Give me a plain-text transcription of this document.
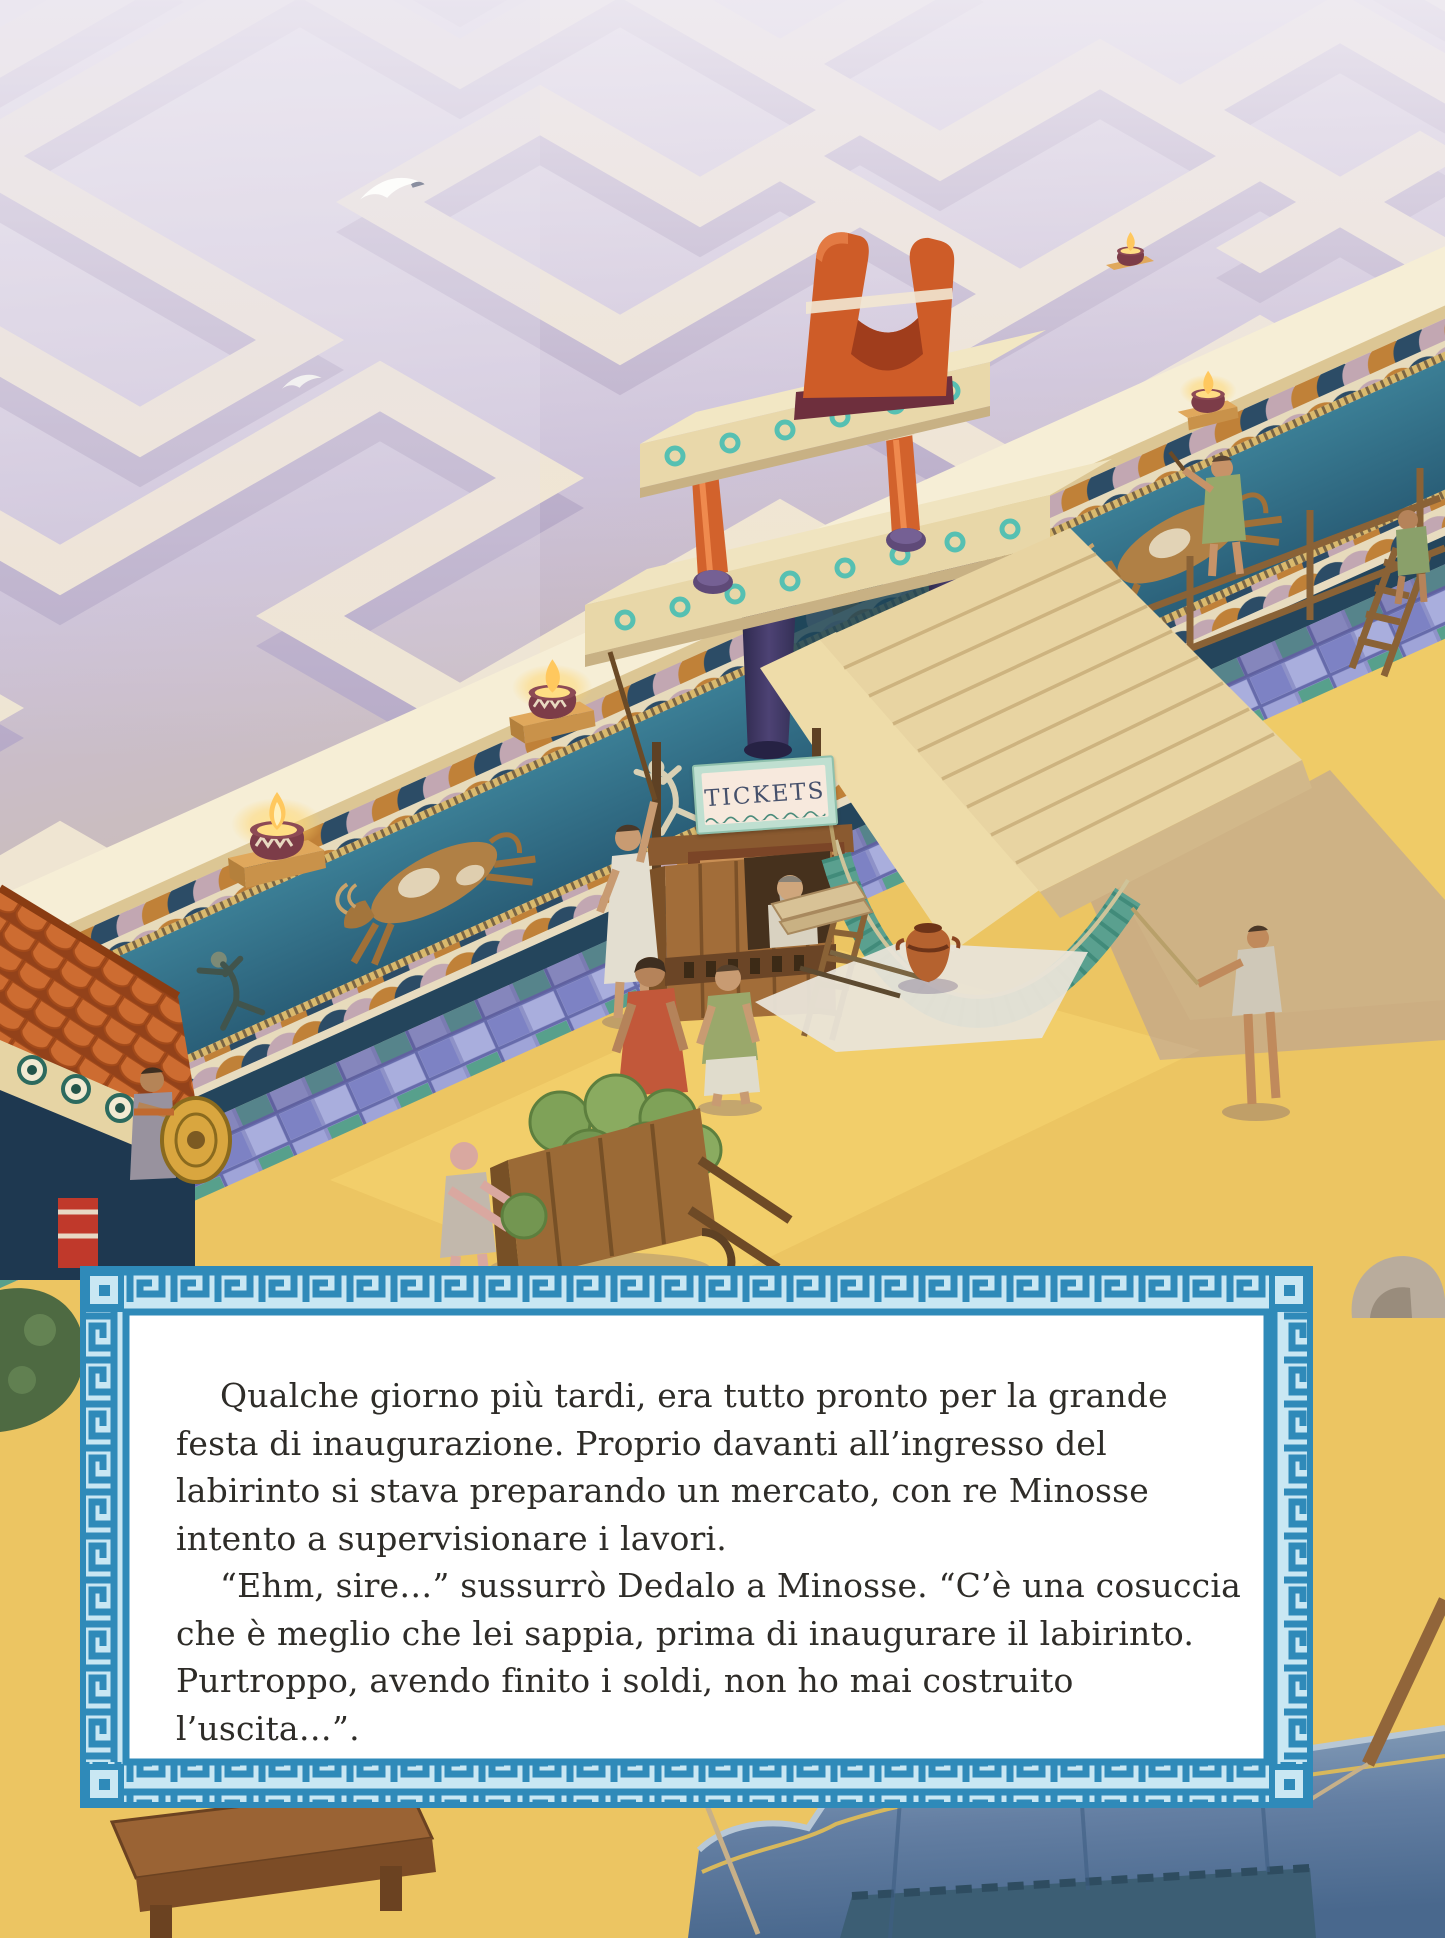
TICKETS

Qualche giorno più tardi, era tutto pronto per la grande festa di inaugurazione. Proprio davanti all’ingresso del labirinto si stava preparando un mercato, con re Minosse intento a supervisionare i lavori.

“Ehm, sire…” sussurrò Dedalo a Minosse. “C’è una cosuccia che è meglio che lei sappia, prima di inaugurare il labirinto. Purtroppo, avendo finito i soldi, non ho mai costruito l’uscita…”.
